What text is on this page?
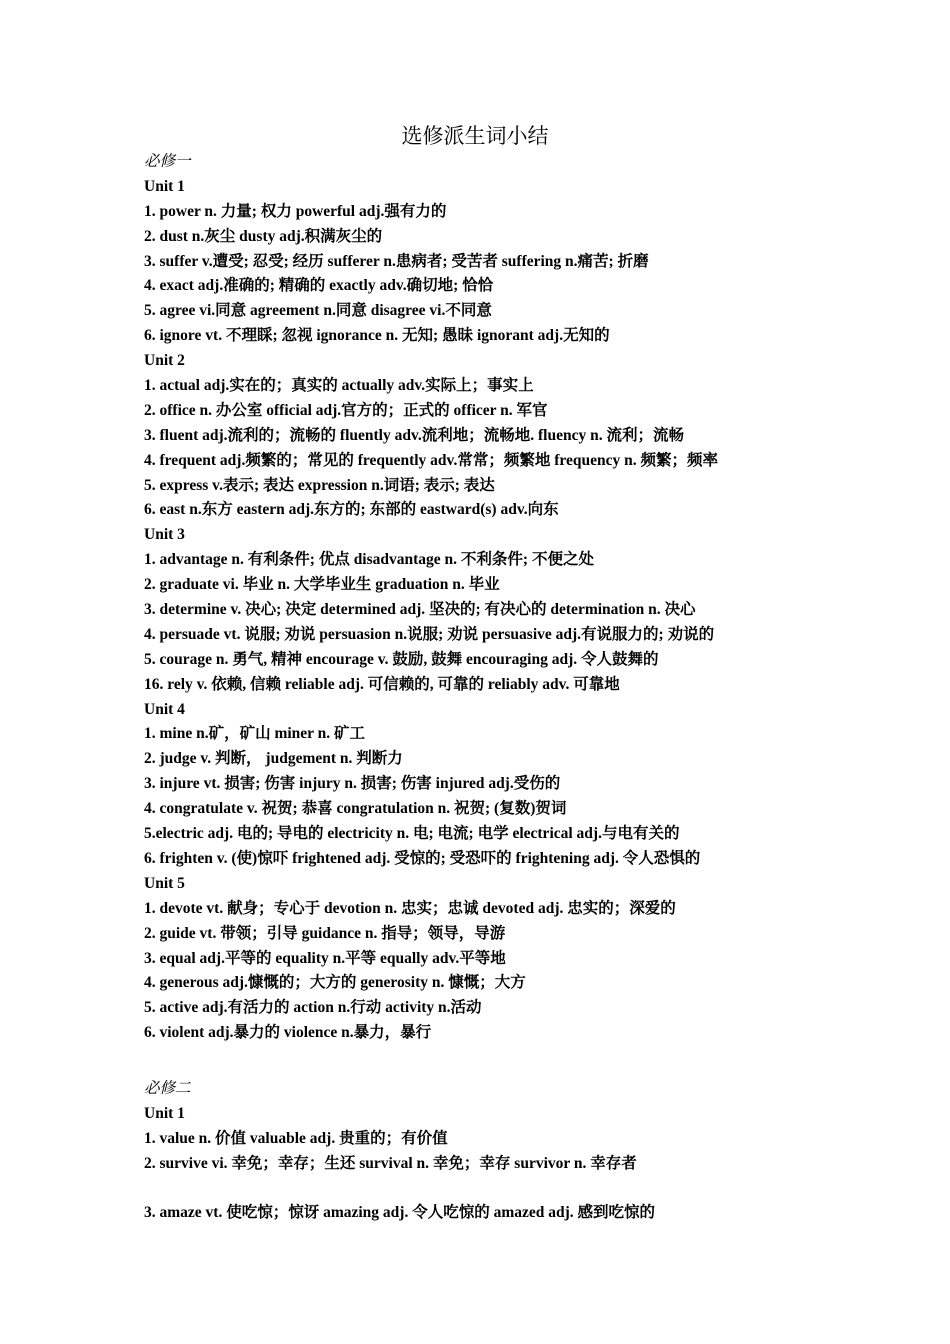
选修派生词小结
必修一
Unit 1
1. power n. 力量; 权力 powerful adj.强有力的
2. dust n.灰尘 dusty adj.积满灰尘的
3. suffer v.遭受; 忍受; 经历 sufferer n.患病者; 受苦者 suffering n.痛苦; 折磨
4. exact adj.准确的; 精确的 exactly adv.确切地; 恰恰
5. agree vi.同意 agreement n.同意 disagree vi.不同意
6. ignore vt. 不理睬; 忽视 ignorance n. 无知; 愚昧 ignorant adj.无知的
Unit 2
1. actual adj.实在的；真实的 actually adv.实际上；事实上
2. office n. 办公室 official adj.官方的；正式的 officer n. 军官
3. fluent adj.流利的；流畅的 fluently adv.流利地；流畅地. fluency n. 流利；流畅
4. frequent adj.频繁的；常见的 frequently adv.常常；频繁地 frequency n. 频繁；频率
5. express v.表示; 表达 expression n.词语; 表示; 表达
6. east n.东方 eastern adj.东方的; 东部的 eastward(s) adv.向东
Unit 3
1. advantage n. 有利条件; 优点 disadvantage n. 不利条件; 不便之处
2. graduate vi. 毕业 n. 大学毕业生 graduation n. 毕业
3. determine v. 决心; 决定 determined adj. 坚决的; 有决心的 determination n. 决心
4. persuade vt. 说服; 劝说 persuasion n.说服; 劝说 persuasive adj.有说服力的; 劝说的
5. courage n. 勇气, 精神 encourage v. 鼓励, 鼓舞 encouraging adj. 令人鼓舞的
16. rely v. 依赖, 信赖 reliable adj. 可信赖的, 可靠的 reliably adv. 可靠地
Unit 4
1. mine n.矿，矿山 miner n. 矿工
2. judge v. 判断， judgement n. 判断力
3. injure vt. 损害; 伤害 injury n. 损害; 伤害 injured adj.受伤的
4. congratulate v. 祝贺; 恭喜 congratulation n. 祝贺; (复数)贺词
5.electric adj. 电的; 导电的 electricity n. 电; 电流; 电学 electrical adj.与电有关的
6. frighten v. (使)惊吓 frightened adj. 受惊的; 受恐吓的 frightening adj. 令人恐惧的
Unit 5
1. devote vt. 献身；专心于 devotion n. 忠实；忠诚 devoted adj. 忠实的；深爱的
2. guide vt. 带领；引导 guidance n. 指导；领导，导游
3. equal adj.平等的 equality n.平等 equally adv.平等地
4. generous adj.慷慨的；大方的 generosity n. 慷慨；大方
5. active adj.有活力的 action n.行动 activity n.活动
6. violent adj.暴力的 violence n.暴力，暴行
必修二
Unit 1
1. value n. 价值 valuable adj. 贵重的；有价值
2. survive vi. 幸免；幸存；生还 survival n. 幸免；幸存 survivor n. 幸存者
3. amaze vt. 使吃惊；惊讶 amazing adj. 令人吃惊的 amazed adj. 感到吃惊的
